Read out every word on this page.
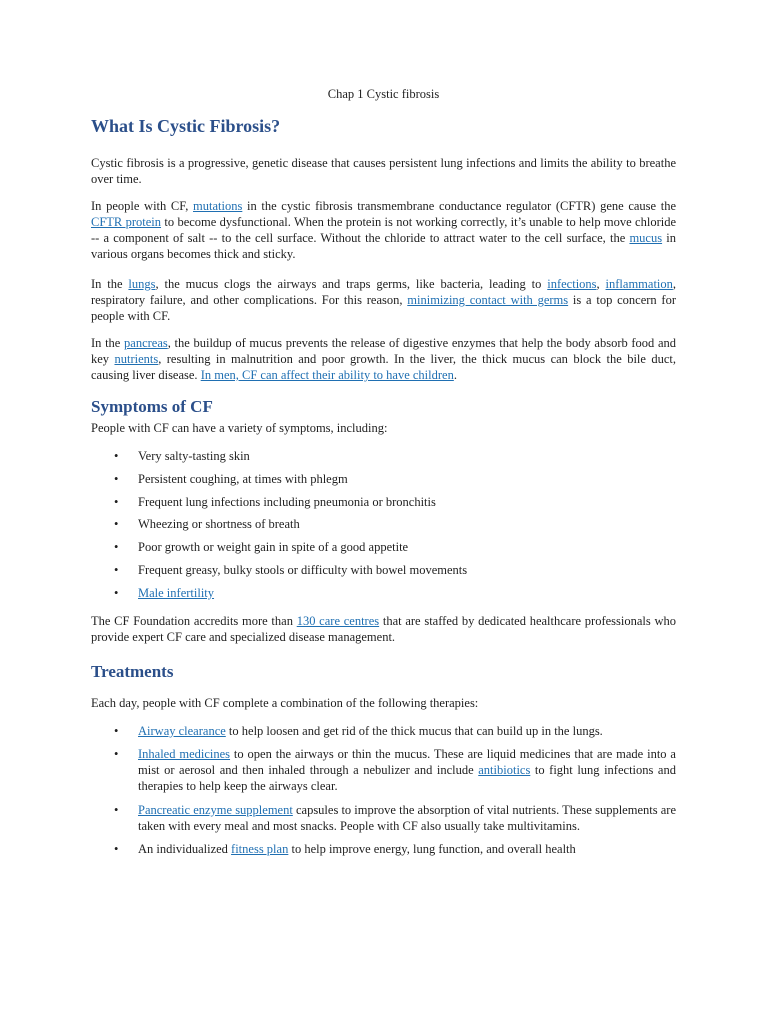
Chap 1 Cystic fibrosis
What Is Cystic Fibrosis?

Cystic fibrosis is a progressive, genetic disease that causes persistent lung infections and limits the ability to breathe over time.

In people with CF, mutations in the cystic fibrosis transmembrane conductance regulator (CFTR) gene cause the CFTR protein to become dysfunctional. When the protein is not working correctly, it’s unable to help move chloride -- a component of salt -- to the cell surface. Without the chloride to attract water to the cell surface, the mucus in various organs becomes thick and sticky.

In the lungs, the mucus clogs the airways and traps germs, like bacteria, leading to infections, inflammation, respiratory failure, and other complications. For this reason, minimizing contact with germs is a top concern for people with CF.

In the pancreas, the buildup of mucus prevents the release of digestive enzymes that help the body absorb food and key nutrients, resulting in malnutrition and poor growth. In the liver, the thick mucus can block the bile duct, causing liver disease. In men, CF can affect their ability to have children.

Symptoms of CF

People with CF can have a variety of symptoms, including:

• Very salty-tasting skin
• Persistent coughing, at times with phlegm
• Frequent lung infections including pneumonia or bronchitis
• Wheezing or shortness of breath
• Poor growth or weight gain in spite of a good appetite
• Frequent greasy, bulky stools or difficulty with bowel movements
• Male infertility

The CF Foundation accredits more than 130 care centres that are staffed by dedicated healthcare professionals who provide expert CF care and specialized disease management.

Treatments

Each day, people with CF complete a combination of the following therapies:

• Airway clearance to help loosen and get rid of the thick mucus that can build up in the lungs.
• Inhaled medicines to open the airways or thin the mucus. These are liquid medicines that are made into a mist or aerosol and then inhaled through a nebulizer and include antibiotics to fight lung infections and therapies to help keep the airways clear.
• Pancreatic enzyme supplement capsules to improve the absorption of vital nutrients. These supplements are taken with every meal and most snacks. People with CF also usually take multivitamins.
• An individualized fitness plan to help improve energy, lung function, and overall health
